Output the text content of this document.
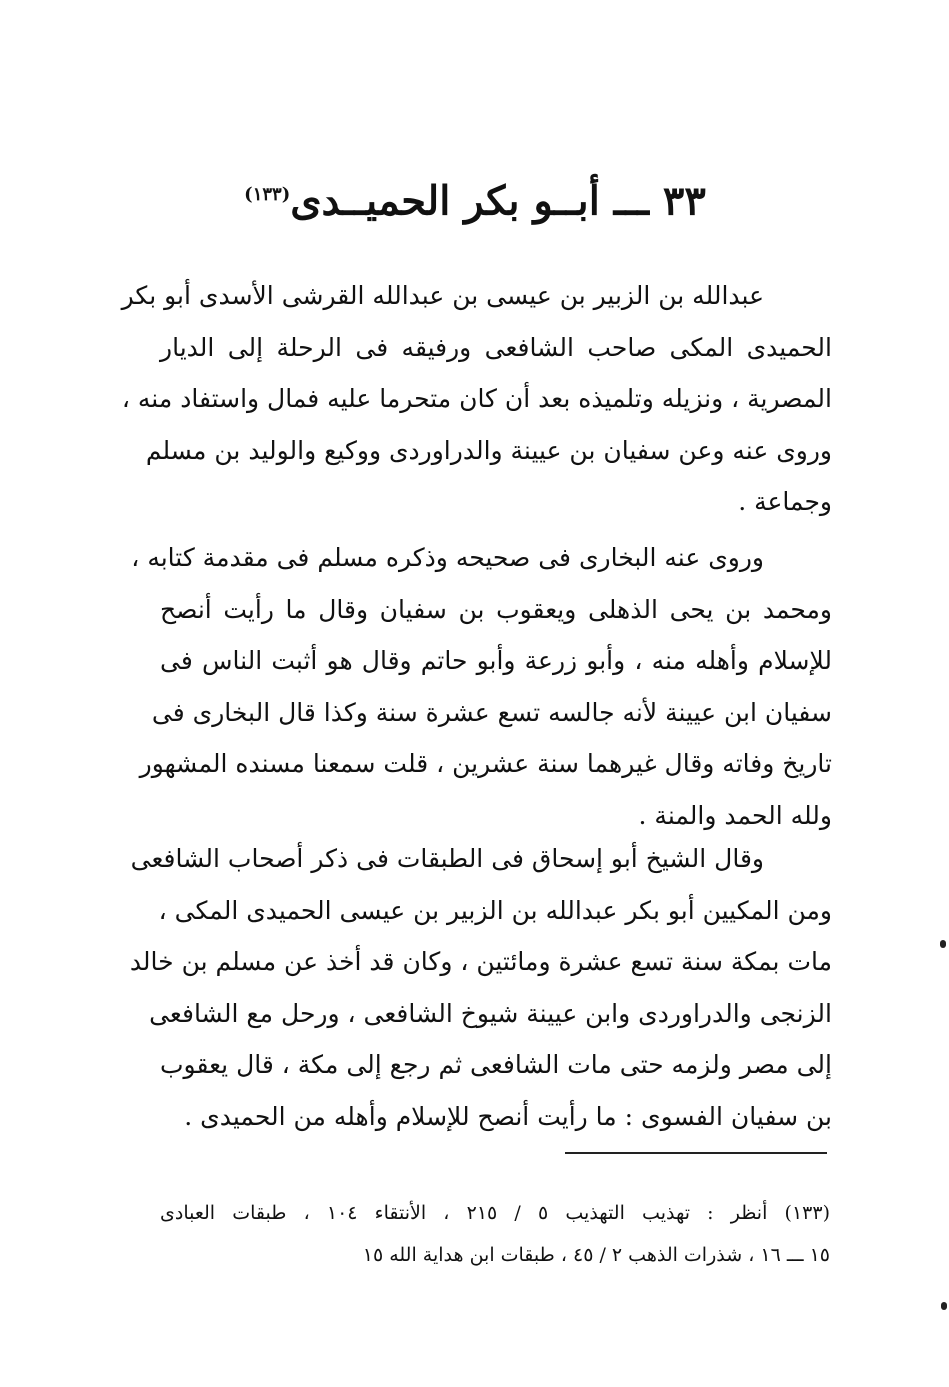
٣٣ ـــ أبــو بكر الحميــدى$^{(١٣٣)}$
عبدالله بن الزبير بن عيسى بن عبدالله القرشى الأسدى أبو بكر
الحميدى المكى صاحب الشافعى ورفيقه فى الرحلة إلى الديار
المصرية ، ونزيله وتلميذه بعد أن كان متحرما عليه فمال واستفاد منه ،
وروى عنه وعن سفيان بن عيينة والدراوردى ووكيع والوليد بن مسلم
وجماعة .
وروى عنه البخارى فى صحيحه وذكره مسلم فى مقدمة كتابه ،
ومحمد بن يحى الذهلى ويعقوب بن سفيان وقال ما رأيت أنصح
للإسلام وأهله منه ، وأبو زرعة وأبو حاتم وقال هو أثبت الناس فى
سفيان ابن عيينة لأنه جالسه تسع عشرة سنة وكذا قال البخارى فى
تاريخ وفاته وقال غيرهما سنة عشرين ، قلت سمعنا مسنده المشهور
ولله الحمد والمنة .
وقال الشيخ أبو إسحاق فى الطبقات فى ذكر أصحاب الشافعى
ومن المكيين أبو بكر عبدالله بن الزبير بن عيسى الحميدى المكى ،
مات بمكة سنة تسع عشرة ومائتين ، وكان قد أخذ عن مسلم بن خالد
الزنجى والدراوردى وابن عيينة شيوخ الشافعى ، ورحل مع الشافعى
إلى مصر ولزمه حتى مات الشافعى ثم رجع إلى مكة ، قال يعقوب
بن سفيان الفسوى : ما رأيت أنصح للإسلام وأهله من الحميدى .
(١٣٣) أنظر : تهذيب التهذيب ٥ / ٢١٥ ، الأنتقاء ١٠٤ ، طبقات العبادى
١٥ ـــ ١٦ ، شذرات الذهب ٢ / ٤٥ ، طبقات ابن هداية الله ١٥
